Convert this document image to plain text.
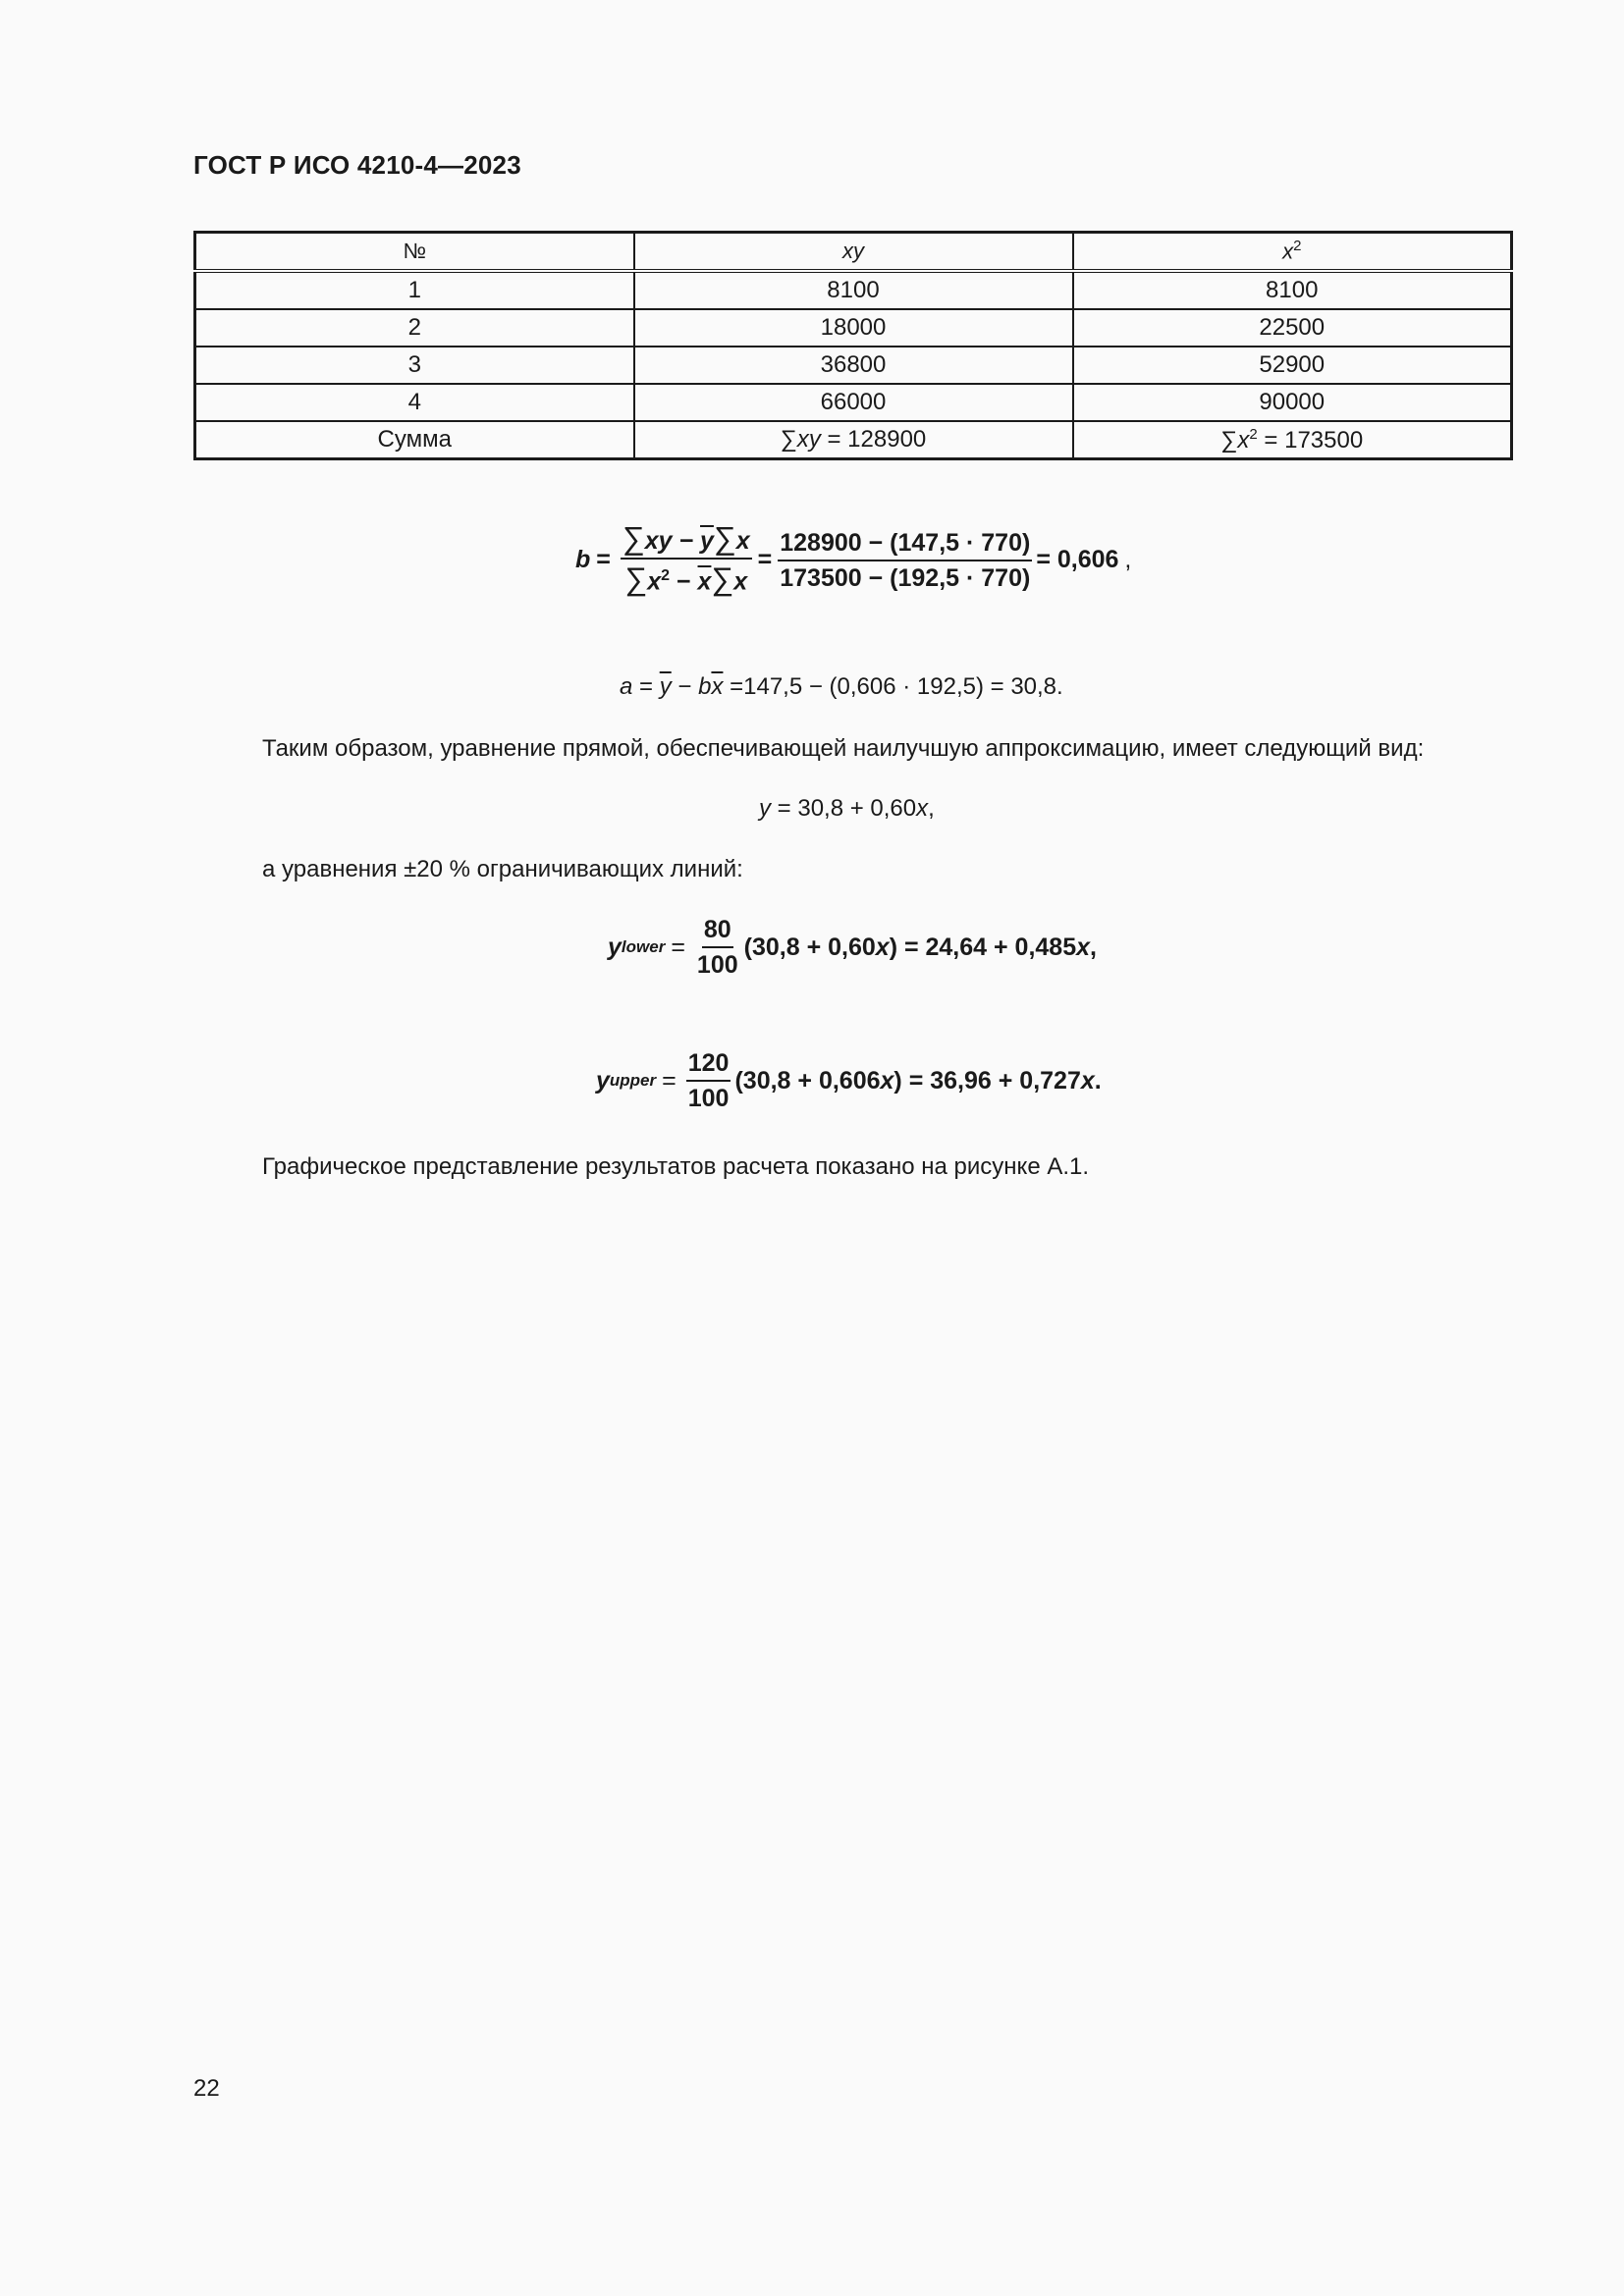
ГОСТ Р ИСО 4210-4—2023
№	xy	$x^2$
1	8100	8100
2	18000	22500
3	36800	52900
4	66000	90000
Сумма	∑xy = 128900	$\sum x^2 = 173500$
$b = \frac{\sum xy - \overline{y}\sum x}{\sum x^2 - \overline{x}\sum x} = \frac{128900 - (147,5 \cdot 770)}{173500 - (192,5 \cdot 770)} = 0,606$ ,
$a = \overline{y} - b\overline{x} =147,5 - (0,606 \cdot 192,5) = 30,8$.
Таким образом, уравнение прямой, обеспечивающей наилучшую аппроксимацию, имеет следующий вид:
y = 30,8 + 0,60x,
а уравнения ±20 % ограничивающих линий:
y lower = $\frac{80}{100} (30,8 + 0,60$ x ) = 24,64 + 0,485 x ,
y upper = $\frac{120}{100} (30,8 + 0,606$ x ) = 36,96 + 0,727 x .
Графическое представление результатов расчета показано на рисунке А.1.
22
